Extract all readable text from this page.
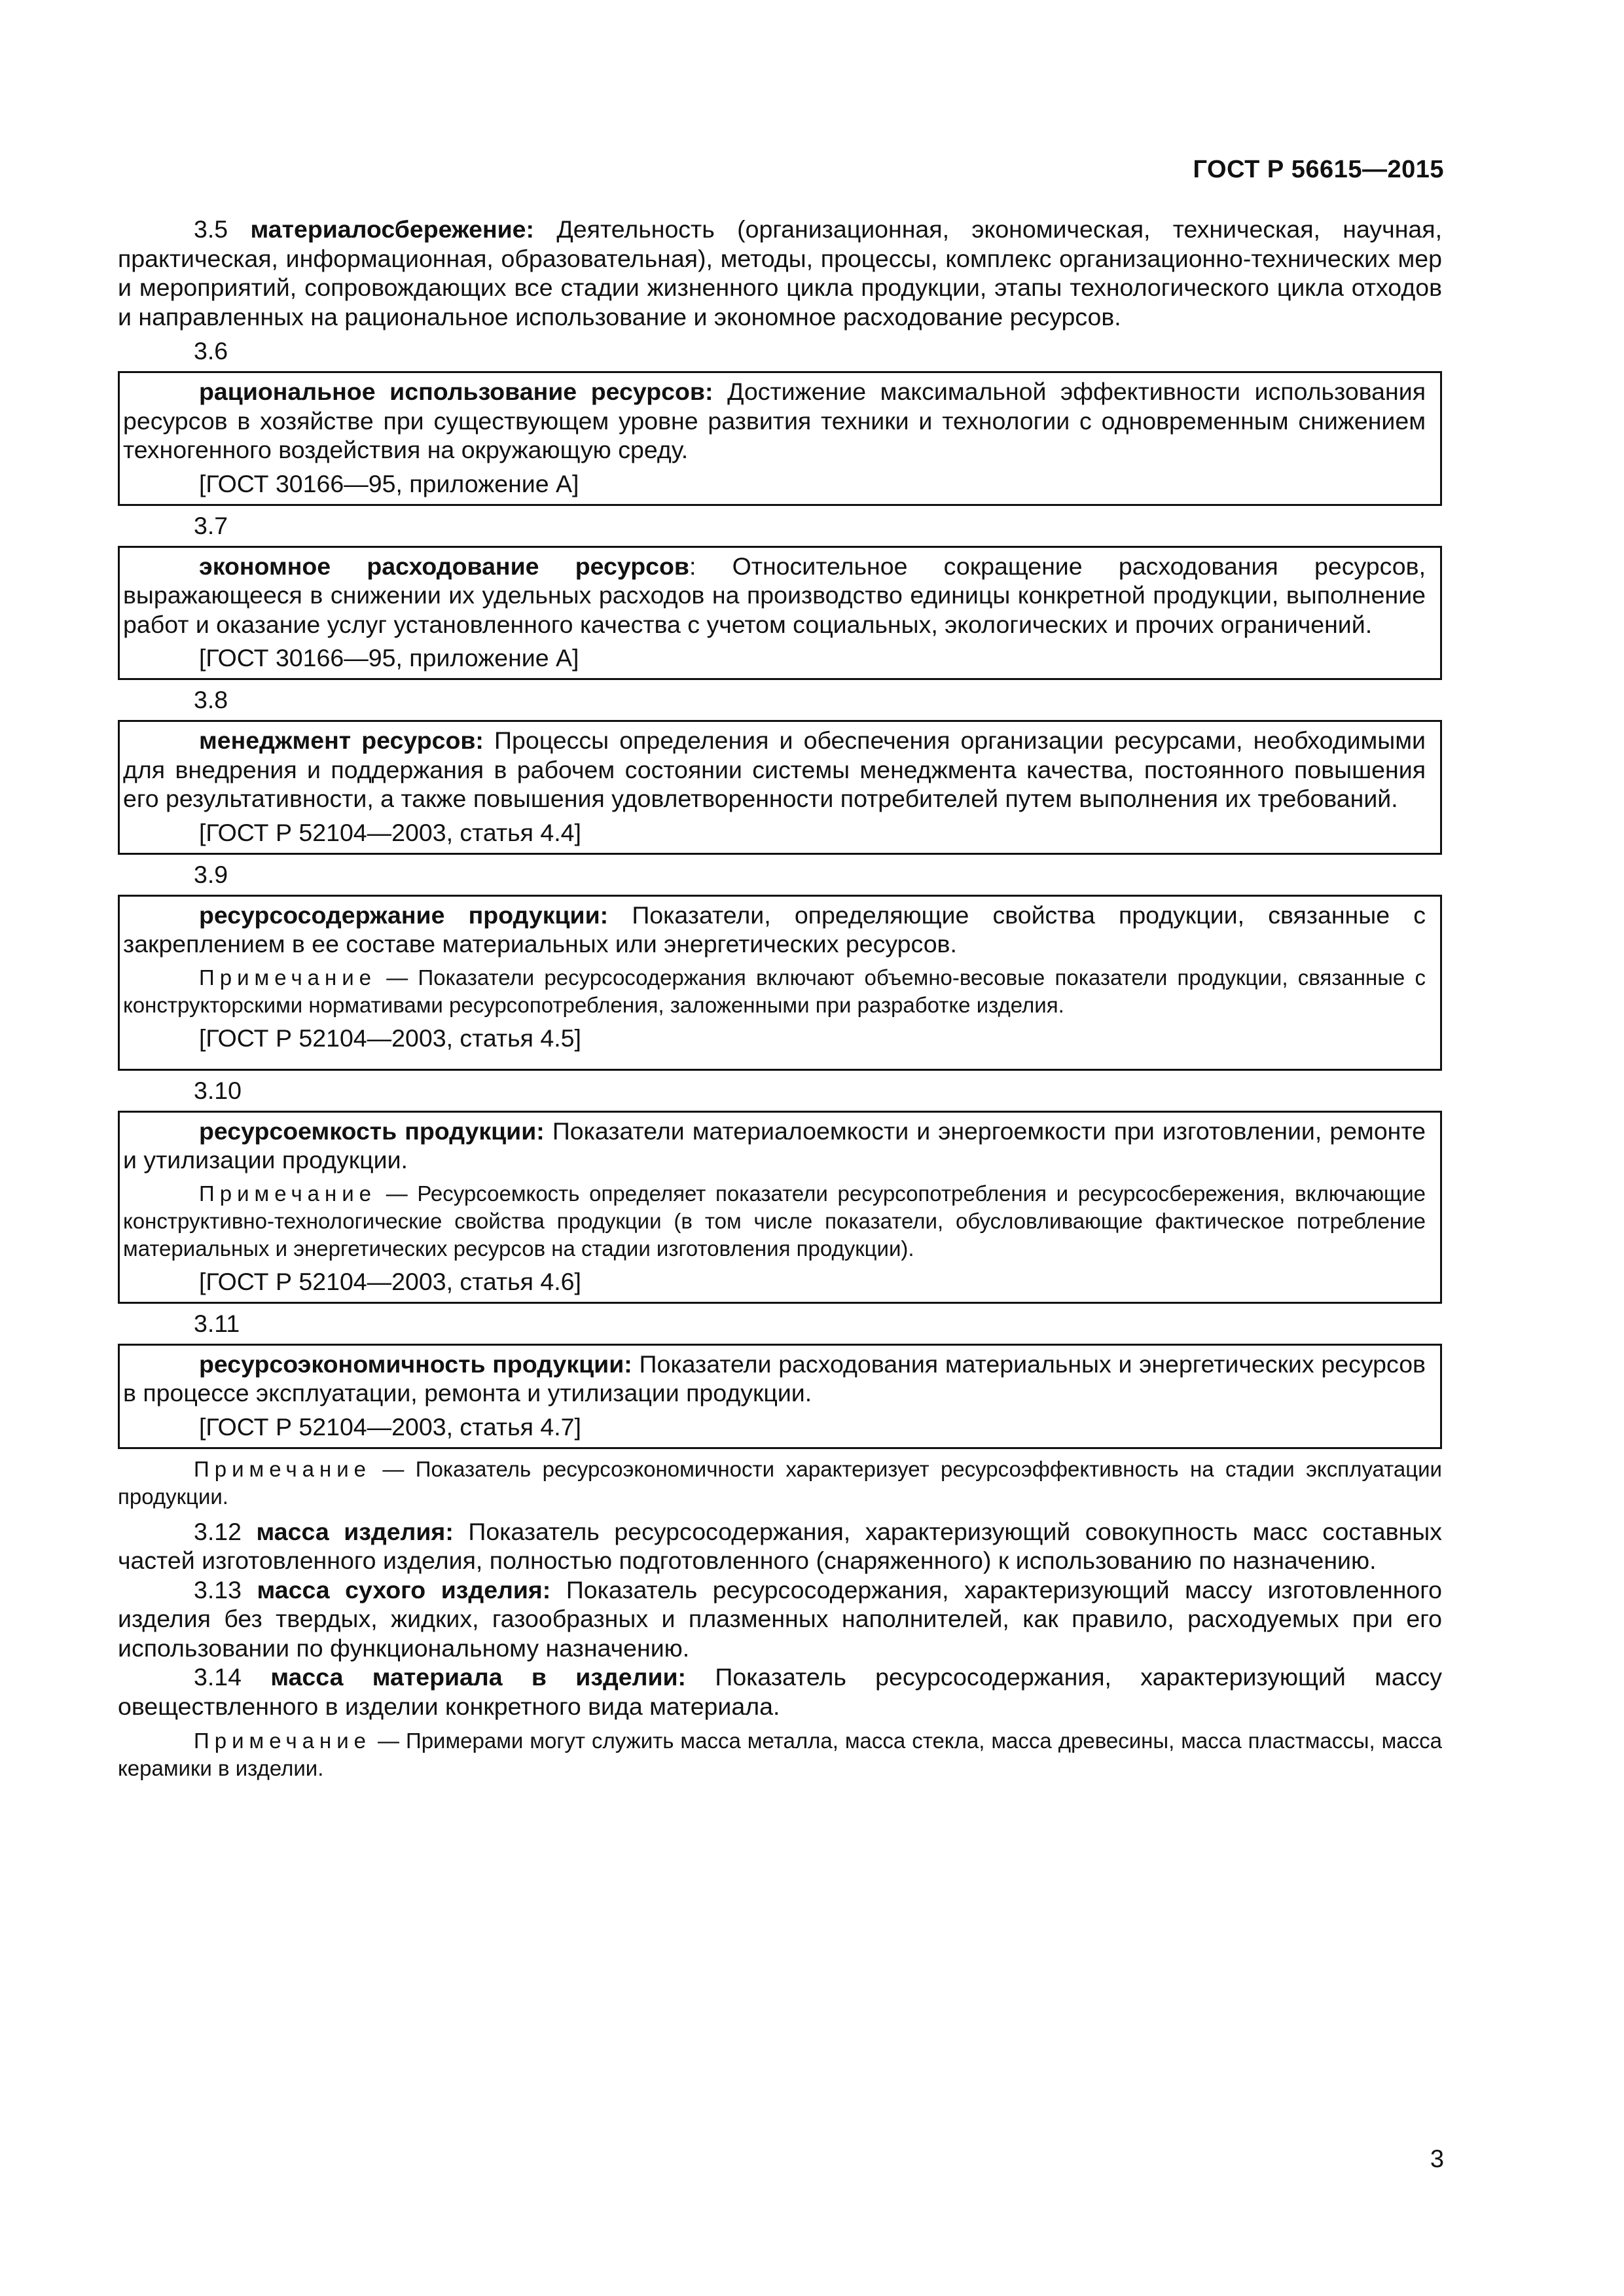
ГОСТ Р 56615—2015

3.5 материалосбережение: Деятельность (организационная, экономическая, техническая, научная, практическая, информационная, образовательная), методы, процессы, комплекс организационно-технических мер и мероприятий, сопровождающих все стадии жизненного цикла продукции, этапы технологического цикла отходов и направленных на рациональное использование и экономное расходование ресурсов.

3.6

рациональное использование ресурсов: Достижение максимальной эффективности использования ресурсов в хозяйстве при существующем уровне развития техники и технологии с одновременным снижением техногенного воздействия на окружающую среду.

[ГОСТ 30166—95, приложение А]
3.7

экономное расходование ресурсов: Относительное сокращение расходования ресурсов, выражающееся в снижении их удельных расходов на производство единицы конкретной продукции, выполнение работ и оказание услуг установленного качества с учетом социальных, экологических и прочих ограничений.

[ГОСТ 30166—95, приложение А]
3.8

менеджмент ресурсов: Процессы определения и обеспечения организации ресурсами, необходимыми для внедрения и поддержания в рабочем состоянии системы менеджмента качества, постоянного повышения его результативности, а также повышения удовлетворенности потребителей путем выполнения их требований.

[ГОСТ Р 52104—2003, статья 4.4]
3.9

ресурсосодержание продукции: Показатели, определяющие свойства продукции, связанные с закреплением в ее составе материальных или энергетических ресурсов.

Примечание — Показатели ресурсосодержания включают объемно-весовые показатели продукции, связанные с конструкторскими нормативами ресурсопотребления, заложенными при разработке изделия.

[ГОСТ Р 52104—2003, статья 4.5]
3.10

ресурсоемкость продукции: Показатели материалоемкости и энергоемкости при изготовлении, ремонте и утилизации продукции.

Примечание — Ресурсоемкость определяет показатели ресурсопотребления и ресурсосбережения, включающие конструктивно-технологические свойства продукции (в том числе показатели, обусловливающие фактическое потребление материальных и энергетических ресурсов на стадии изготовления продукции).

[ГОСТ Р 52104—2003, статья 4.6]
3.11

ресурсоэкономичность продукции: Показатели расходования материальных и энергетических ресурсов в процессе эксплуатации, ремонта и утилизации продукции.

[ГОСТ Р 52104—2003, статья 4.7]

Примечание — Показатель ресурсоэкономичности характеризует ресурсоэффективность на стадии эксплуатации продукции.

3.12 масса изделия: Показатель ресурсосодержания, характеризующий совокупность масс составных частей изготовленного изделия, полностью подготовленного (снаряженного) к использованию по назначению.

3.13 масса сухого изделия: Показатель ресурсосодержания, характеризующий массу изготовленного изделия без твердых, жидких, газообразных и плазменных наполнителей, как правило, расходуемых при его использовании по функциональному назначению.

3.14 масса материала в изделии: Показатель ресурсосодержания, характеризующий массу овеществленного в изделии конкретного вида материала.

Примечание — Примерами могут служить масса металла, масса стекла, масса древесины, масса пластмассы, масса керамики в изделии.

3
